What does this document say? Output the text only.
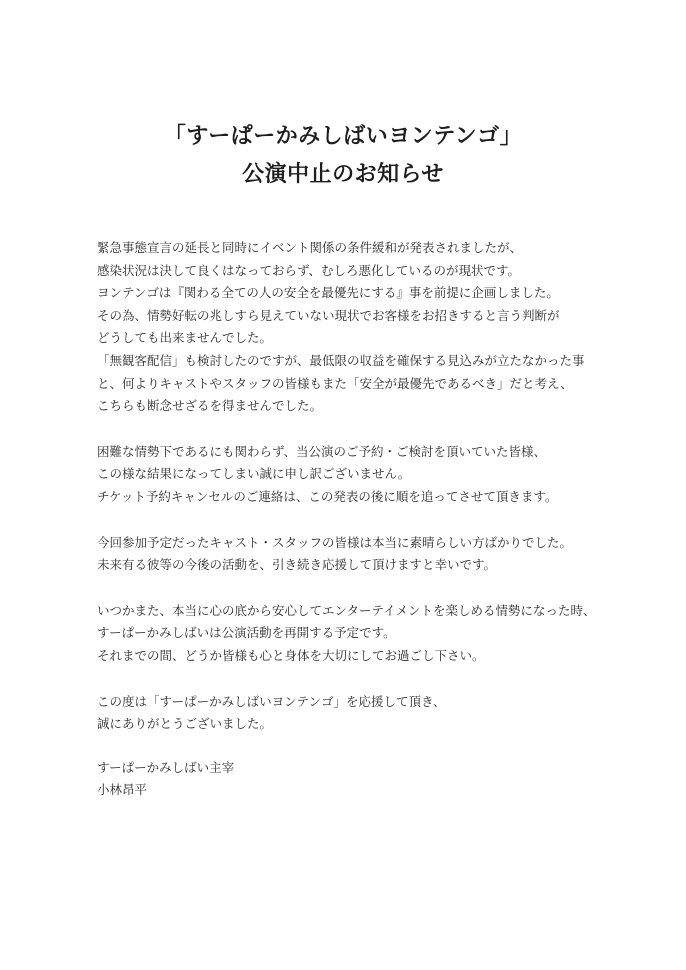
「すーぱーかみしばいヨンテンゴ」
公演中止のお知らせ
緊急事態宣言の延長と同時にイベント関係の条件緩和が発表されましたが、
感染状況は決して良くはなっておらず、むしろ悪化しているのが現状です。
ヨンテンゴは『関わる全ての人の安全を最優先にする』事を前提に企画しました。
その為、情勢好転の兆しすら見えていない現状でお客様をお招きすると言う判断が
どうしても出来ませんでした。
「無観客配信」も検討したのですが、最低限の収益を確保する見込みが立たなかった事
と、何よりキャストやスタッフの皆様もまた「安全が最優先であるべき」だと考え、
こちらも断念せざるを得ませんでした。
困難な情勢下であるにも関わらず、当公演のご予約・ご検討を頂いていた皆様、
この様な結果になってしまい誠に申し訳ございません。
チケット予約キャンセルのご連絡は、この発表の後に順を追ってさせて頂きます。
今回参加予定だったキャスト・スタッフの皆様は本当に素晴らしい方ばかりでした。
未来有る彼等の今後の活動を、引き続き応援して頂けますと幸いです。
いつかまた、本当に心の底から安心してエンターテイメントを楽しめる情勢になった時、
すーぱーかみしばいは公演活動を再開する予定です。
それまでの間、どうか皆様も心と身体を大切にしてお過ごし下さい。
この度は「すーぱーかみしばいヨンテンゴ」を応援して頂き、
誠にありがとうございました。
すーぱーかみしばい主宰
小林昂平
